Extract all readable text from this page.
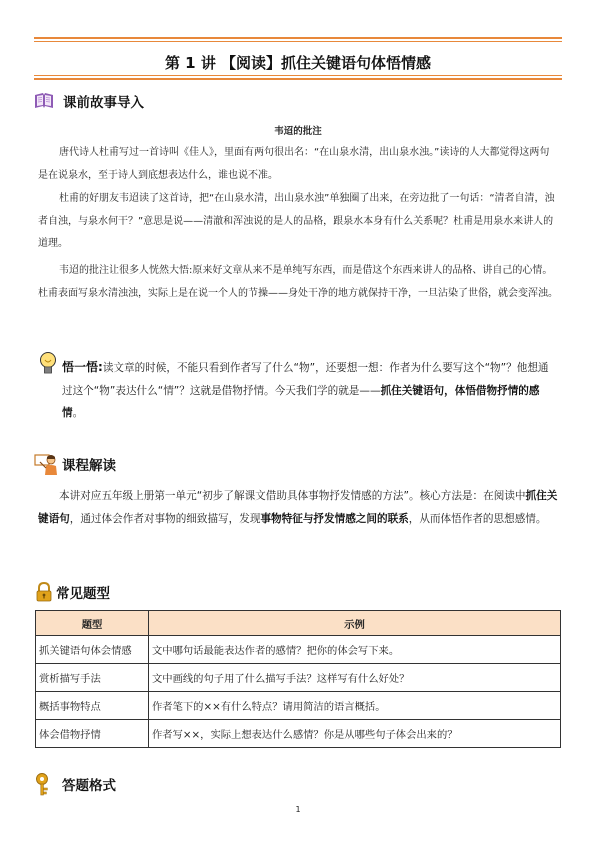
第 1 讲 【阅读】抓住关键语句体悟情感
课前故事导入
韦迢的批注

唐代诗人杜甫写过一首诗叫《佳人》，里面有两句很出名：“在山泉水清，出山泉水浊。”读诗的人大都觉得这两句是在说泉水，至于诗人到底想表达什么，谁也说不准。

杜甫的好朋友韦迢读了这首诗，把“在山泉水清，出山泉水浊”单独圈了出来，在旁边批了一句话：“清者自清，浊者自浊，与泉水何干？”意思是说——清澈和浑浊说的是人的品格，跟泉水本身有什么关系呢？杜甫是用泉水来讲人的道理。

韦迢的批注让很多人恍然大悟:原来好文章从来不是单纯写东西，而是借这个东西来讲人的品格、讲自己的心情。杜甫表面写泉水清浊浊，实际上是在说一个人的节操——身处干净的地方就保持干净，一旦沾染了世俗，就会变浑浊。

悟一悟:读文章的时候，不能只看到作者写了什么“物”，还要想一想：作者为什么要写这个“物”？他想通过这个“物”表达什么“情”？这就是借物抒情。今天我们学的就是——抓住关键语句，体悟借物抒情的感情。

课程解读

本讲对应五年级上册第一单元“初步了解课文借助具体事物抒发情感的方法”。核心方法是：在阅读中抓住关键语句，通过体会作者对事物的细致描写，发现事物特征与抒发情感之间的联系，从而体悟作者的思想感情。

常见题型
题型	示例
抓关键语句体会情感	文中哪句话最能表达作者的感情？把你的体会写下来。
赏析描写手法	文中画线的句子用了什么描写手法？这样写有什么好处？
概括事物特点	作者笔下的××有什么特点？请用简洁的语言概括。
体会借物抒情	作者写××，实际上想表达什么感情？你是从哪些句子体会出来的？
答题格式
1
